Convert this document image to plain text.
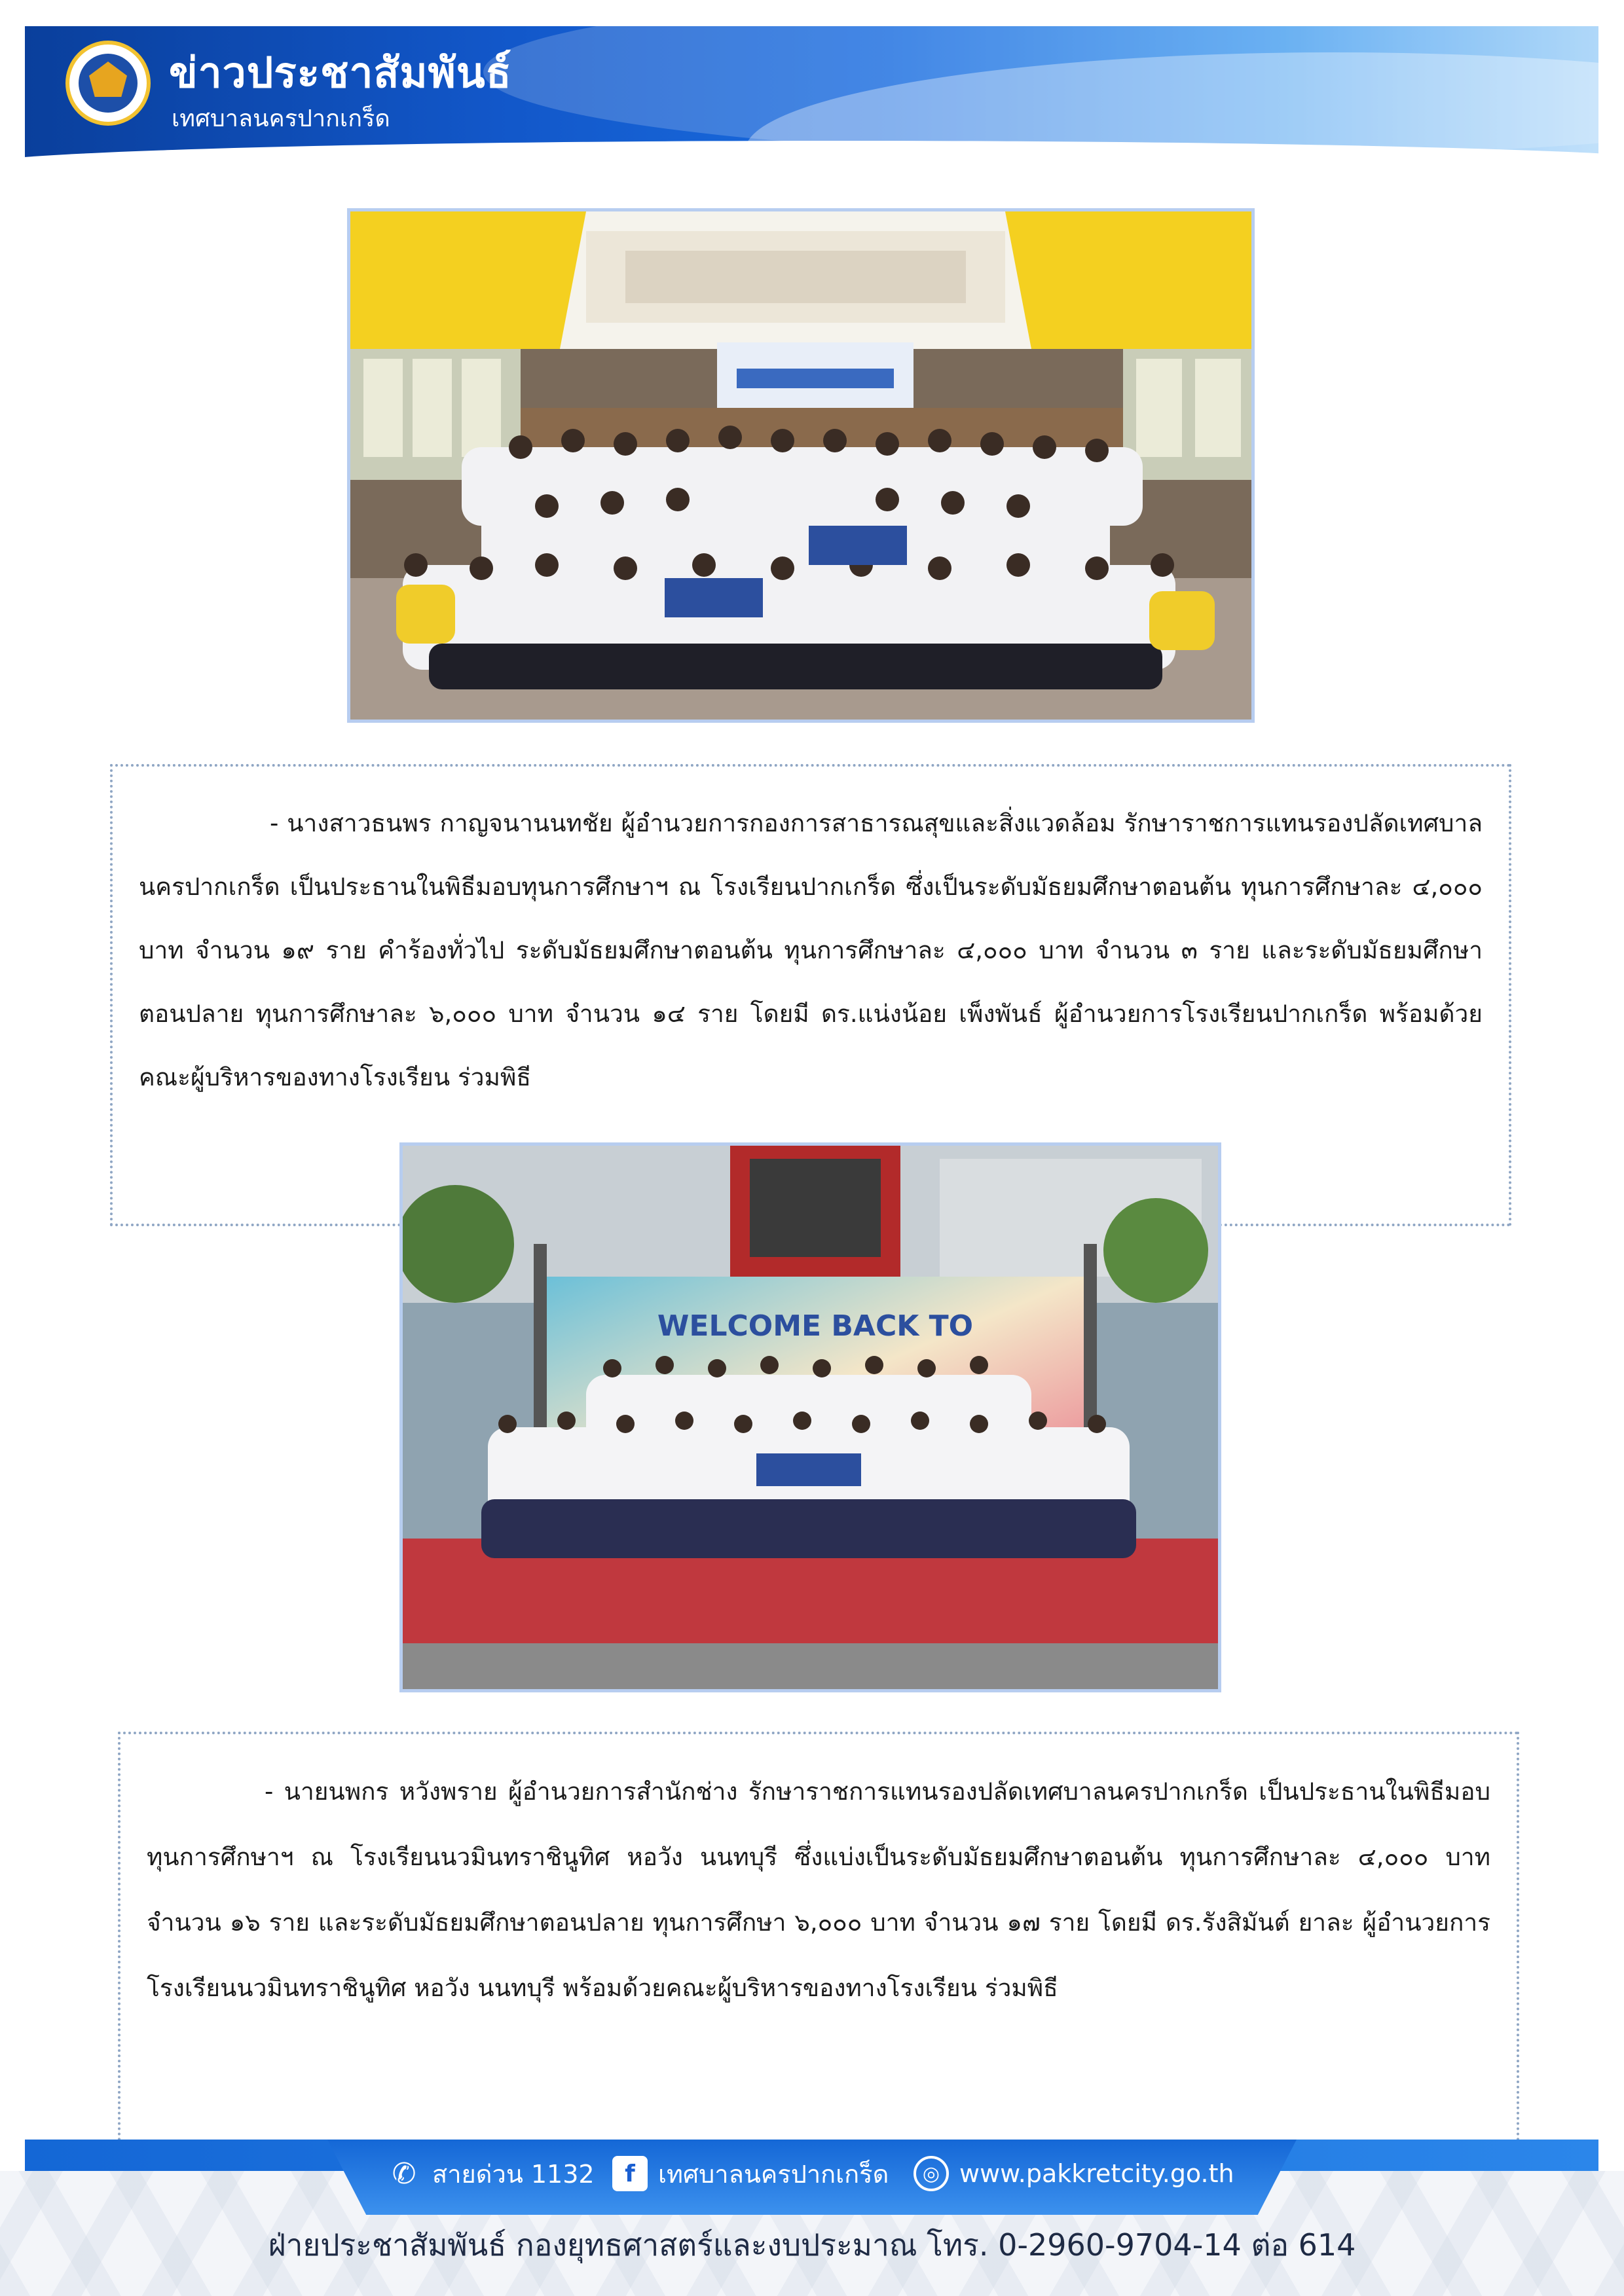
ข่าวประชาสัมพันธ์
เทศบาลนครปากเกร็ด

- นางสาวธนพร กาญจนานนทชัย ผู้อำนวยการกองการสาธารณสุขและสิ่งแวดล้อม รักษาราชการแทนรองปลัดเทศบาลนครปากเกร็ด เป็นประธานในพิธีมอบทุนการศึกษาฯ ณ โรงเรียนปากเกร็ด ซึ่งเป็นระดับมัธยมศึกษาตอนต้น ทุนการศึกษาละ ๔,๐๐๐ บาท จำนวน ๑๙ ราย คำร้องทั่วไป ระดับมัธยมศึกษาตอนต้น ทุนการศึกษาละ ๔,๐๐๐ บาท จำนวน ๓ ราย และระดับมัธยมศึกษาตอนปลาย ทุนการศึกษาละ ๖,๐๐๐ บาท จำนวน ๑๔ ราย โดยมี ดร.แน่งน้อย เพ็งพันธ์ ผู้อำนวยการโรงเรียนปากเกร็ด พร้อมด้วยคณะผู้บริหารของทางโรงเรียน ร่วมพิธี

WELCOME BACK TO

- นายนพกร หวังพราย ผู้อำนวยการสำนักช่าง รักษาราชการแทนรองปลัดเทศบาลนครปากเกร็ด เป็นประธานในพิธีมอบทุนการศึกษาฯ ณ โรงเรียนนวมินทราชินูทิศ หอวัง นนทบุรี ซึ่งแบ่งเป็นระดับมัธยมศึกษาตอนต้น ทุนการศึกษาละ ๔,๐๐๐ บาท จำนวน ๑๖ ราย และระดับมัธยมศึกษาตอนปลาย ทุนการศึกษา ๖,๐๐๐ บาท จำนวน ๑๗ ราย โดยมี ดร.รังสิมันต์ ยาละ ผู้อำนวยการโรงเรียนนวมินทราชินูทิศ หอวัง นนทบุรี พร้อมด้วยคณะผู้บริหารของทางโรงเรียน ร่วมพิธี

✆ สายด่วน 1132	f เทศบาลนครปากเกร็ด	◎ www.pakkretcity.go.th
ฝ่ายประชาสัมพันธ์ กองยุทธศาสตร์และงบประมาณ โทร. 0-2960-9704-14 ต่อ 614
